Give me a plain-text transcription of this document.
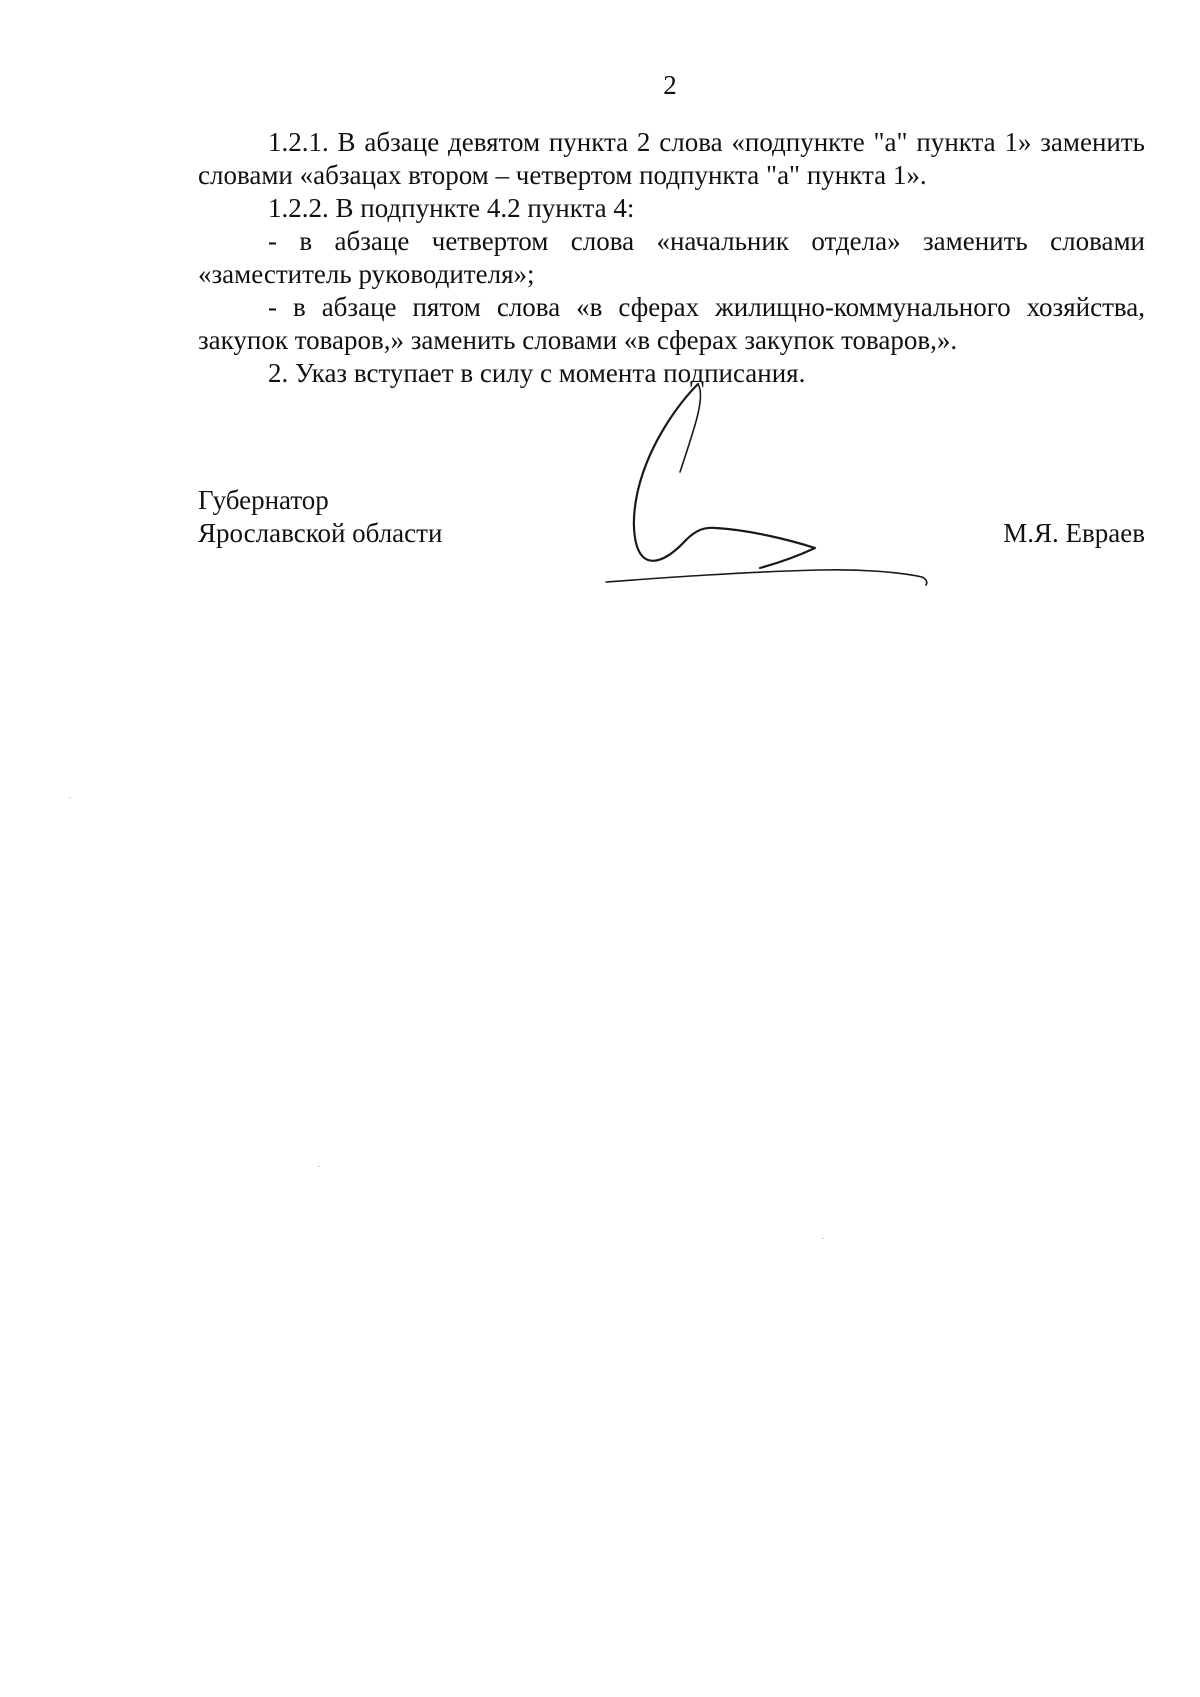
2

1.2.1. В абзаце девятом пункта 2 слова «подпункте "а" пункта 1» заменить словами «абзацах втором – четвертом подпункта "а" пункта 1».

1.2.2. В подпункте 4.2 пункта 4:

- в абзаце четвертом слова «начальник отдела» заменить словами «заместитель руководителя»;

- в абзаце пятом слова «в сферах жилищно-коммунального хозяйства, закупок товаров,» заменить словами «в сферах закупок товаров,».

2. Указ вступает в силу с момента подписания.

Губернатор
Ярославской области	М.Я. Евраев
